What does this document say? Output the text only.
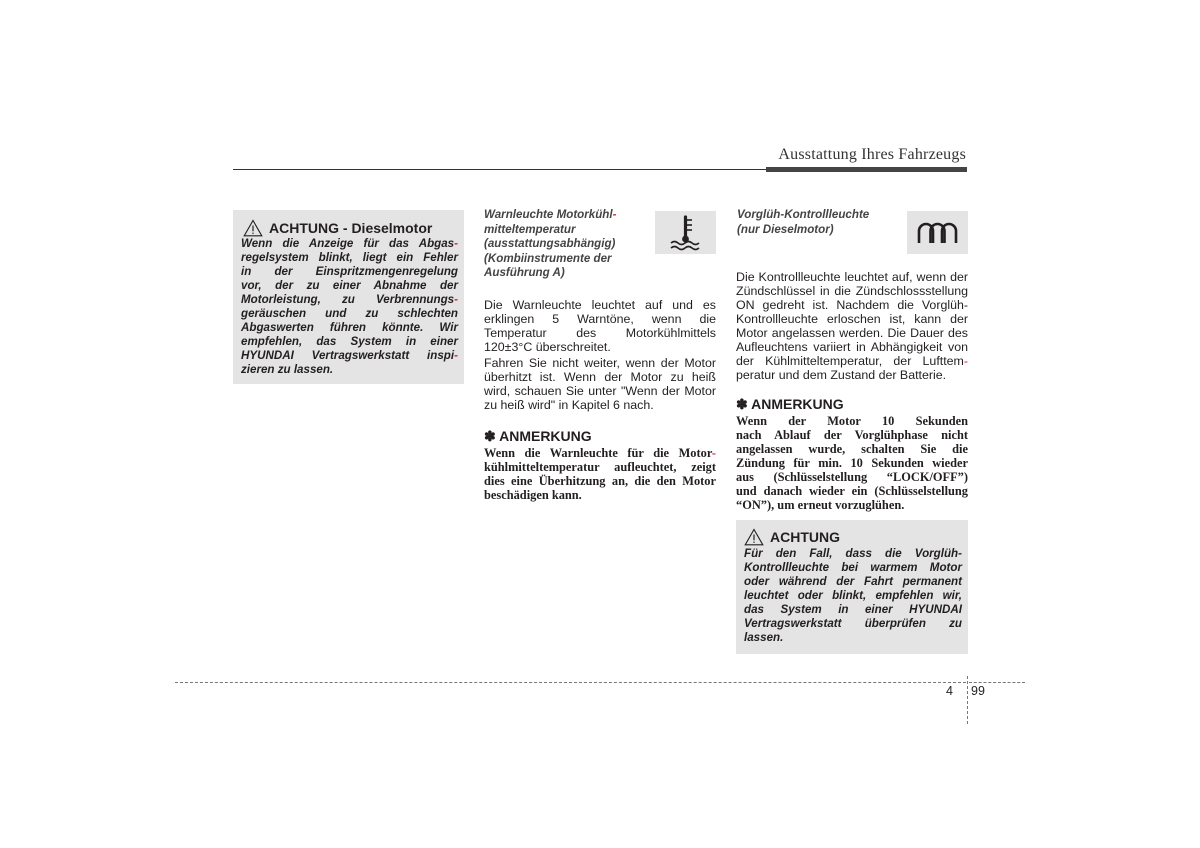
Ausstattung Ihres Fahrzeugs
ACHTUNG - Dieselmotor
Wenn die Anzeige für das Abgas-
regelsystem blinkt, liegt ein Fehler
in der Einspritzmengenregelung
vor, der zu einer Abnahme der
Motorleistung, zu Verbrennungs-
geräuschen und zu schlechten
Abgaswerten führen könnte. Wir
empfehlen, das System in einer
HYUNDAI Vertragswerkstatt inspi-
zieren zu lassen.
Warnleuchte Motorkühl-
mitteltemperatur
(ausstattungsabhängig)
(Kombiinstrumente der
Ausführung A)
Die Warnleuchte leuchtet auf und es
erklingen 5 Warntöne, wenn die
Temperatur des Motorkühlmittels
120±3°C überschreitet.
Fahren Sie nicht weiter, wenn der Motor
überhitzt ist. Wenn der Motor zu heiß
wird, schauen Sie unter "Wenn der Motor
zu heiß wird" in Kapitel 6 nach.
✽ ANMERKUNG
Wenn die Warnleuchte für die Motor-
kühlmitteltemperatur aufleuchtet, zeigt
dies eine Überhitzung an, die den Motor
beschädigen kann.
Vorglüh-Kontrollleuchte
(nur Dieselmotor)
Die Kontrollleuchte leuchtet auf, wenn der
Zündschlüssel in die Zündschlossstellung
ON gedreht ist. Nachdem die Vorglüh-
Kontrollleuchte erloschen ist, kann der
Motor angelassen werden. Die Dauer des
Aufleuchtens variiert in Abhängigkeit von
der Kühlmitteltemperatur, der Lufttem-
peratur und dem Zustand der Batterie.
✽ ANMERKUNG
Wenn der Motor 10 Sekunden
nach Ablauf der Vorglühphase nicht
angelassen wurde, schalten Sie die
Zündung für min. 10 Sekunden wieder
aus (Schlüsselstellung “LOCK/OFF”)
und danach wieder ein (Schlüsselstellung
“ON”), um erneut vorzuglühen.
ACHTUNG
Für den Fall, dass die Vorglüh-
Kontrollleuchte bei warmem Motor
oder während der Fahrt permanent
leuchtet oder blinkt, empfehlen wir,
das System in einer HYUNDAI
Vertragswerkstatt überprüfen zu
lassen.
4 99
